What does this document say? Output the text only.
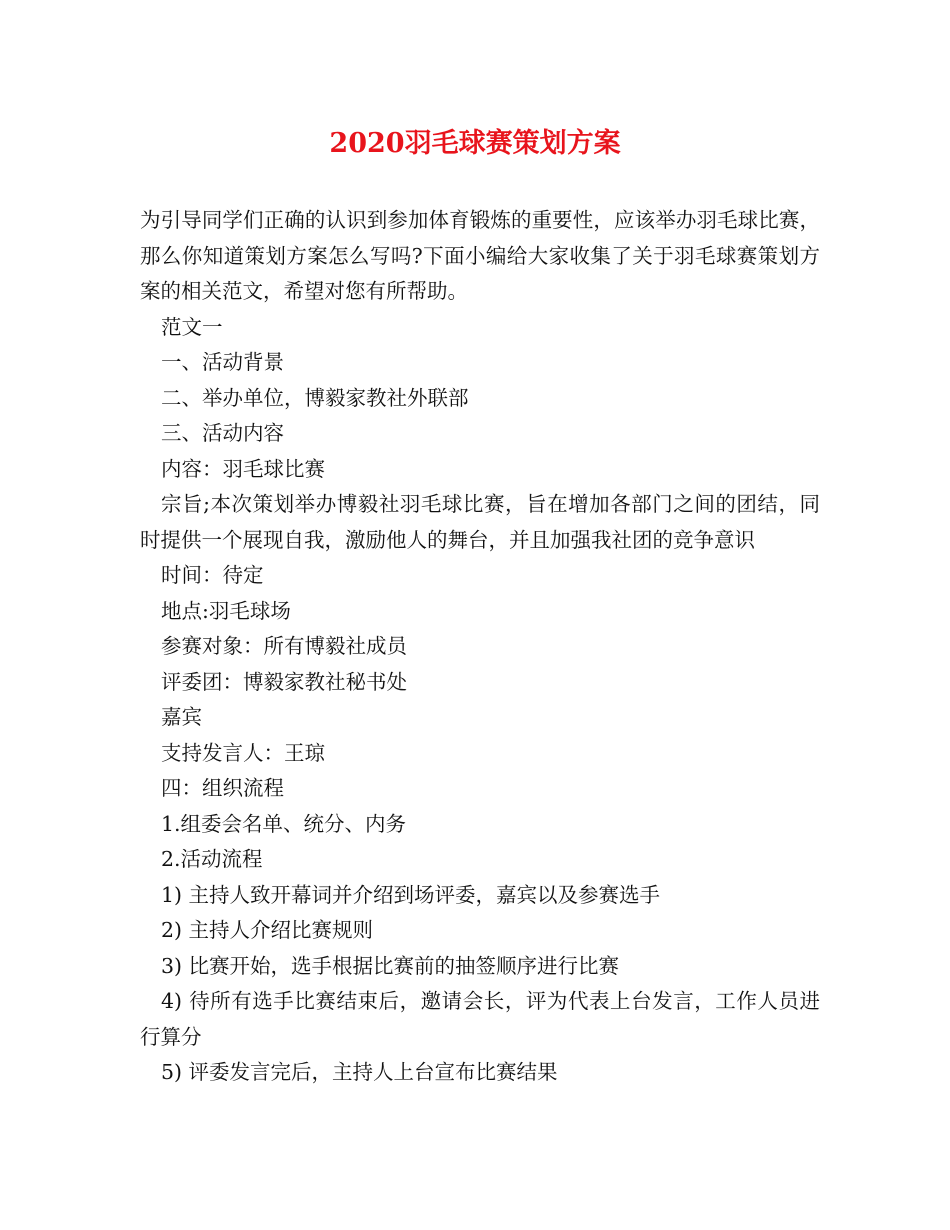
2020羽毛球赛策划方案

为引导同学们正确的认识到参加体育锻炼的重要性，应该举办羽毛球比赛，那么你知道策划方案怎么写吗?下面小编给大家收集了关于羽毛球赛策划方案的相关范文，希望对您有所帮助。

范文一

一、活动背景

二、举办单位，博毅家教社外联部

三、活动内容

内容：羽毛球比赛

宗旨;本次策划举办博毅社羽毛球比赛，旨在增加各部门之间的团结，同时提供一个展现自我，激励他人的舞台，并且加强我社团的竞争意识

时间：待定

地点:羽毛球场

参赛对象：所有博毅社成员

评委团：博毅家教社秘书处

嘉宾

支持发言人：王琼

四：组织流程

1.组委会名单、统分、内务

2.活动流程

1) 主持人致开幕词并介绍到场评委，嘉宾以及参赛选手

2) 主持人介绍比赛规则

3) 比赛开始，选手根据比赛前的抽签顺序进行比赛

4) 待所有选手比赛结束后，邀请会长，评为代表上台发言，工作人员进行算分

5) 评委发言完后，主持人上台宣布比赛结果
